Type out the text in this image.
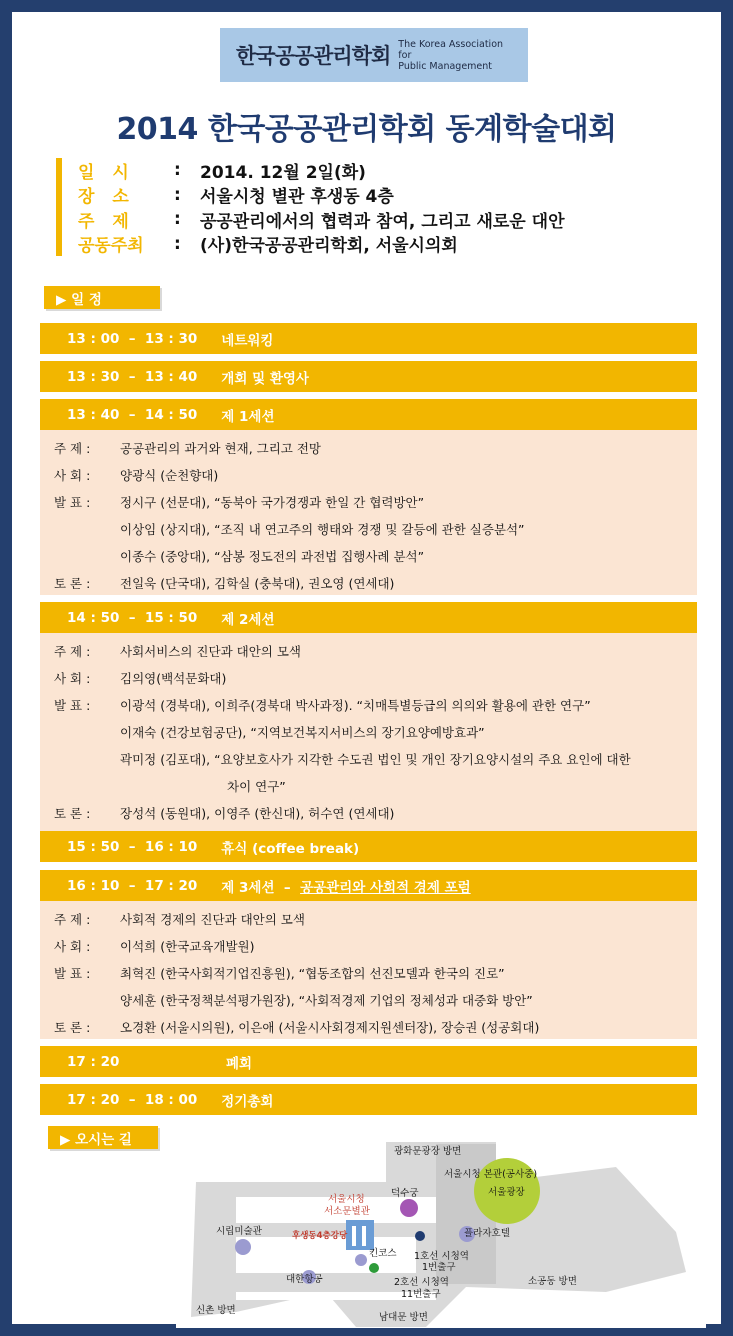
한국공공관리학회 The Korea Association for
Public Management
2014 한국공공관리학회 동계학술대회
일 시	:	2014. 12월 2일(화)
장 소	:	서울시청 별관 후생동 4층
주 제	:	공공관리에서의 협력과 참여, 그리고 새로운 대안
공동주최	:	(사)한국공공관리학회, 서울시의회
▶ 일 정
13 : 00  –  13 : 30 네트워킹
13 : 30  –  13 : 40 개회 및 환영사
13 : 40  –  14 : 50 제 1세션
주 제 :	공공관리의 과거와 현재, 그리고 전망
사 회 :	양광식 (순천향대)
발 표 :	정시구 (선문대), “동북아 국가경쟁과 한일 간 협력방안”
이상임 (상지대), “조직 내 연고주의 행태와 경쟁 및 갈등에 관한 실증분석”
이종수 (중앙대), “삼봉 정도전의 과전법 집행사례 분석”
토 론 :	전일욱 (단국대), 김학실 (충북대), 권오영 (연세대)
14 : 50  –  15 : 50 제 2세션
주 제 :	사회서비스의 진단과 대안의 모색
사 회 :	김의영(백석문화대)
발 표 :	이광석 (경북대), 이희주(경북대 박사과정). “치매특별등급의 의의와 활용에 관한 연구”
이재숙 (건강보험공단), “지역보건복지서비스의 장기요양예방효과”
곽미정 (김포대), “요양보호사가 지각한 수도권 법인 및 개인 장기요양시설의 주요 요인에 대한
차이 연구”
토 론 :	장성석 (동원대), 이영주 (한신대), 허수연 (연세대)
15 : 50  –  16 : 10 휴식 (coffee break)
16 : 10  –  17 : 20 제 3세션  –  공공관리와 사회적 경제 포럼
주 제 :	사회적 경제의 진단과 대안의 모색
사 회 :	이석희 (한국교육개발원)
발 표 :	최혁진 (한국사회적기업진흥원), “협동조합의 선진모델과 한국의 진로”
양세훈 (한국정책분석평가원장), “사회적경제 기업의 정체성과 대중화 방안”
토 론 :	오경환 (서울시의원), 이은애 (서울시사회경제지원센터장), 장승권 (성공회대)
17 : 20	폐회
17 : 20  –  18 : 00 정기총회
▶ 오시는 길
광화문광장 방면
서울시청 본관(공사중)
서울광장
덕수궁
서울시청
서소문별관
후생동4층강당
시립미술관	플라자호텔
킨코스 1호선 시청역
1번출구
대한항공	2호선 시청역
11번출구
소공동 방면
신촌 방면
남대문 방면
